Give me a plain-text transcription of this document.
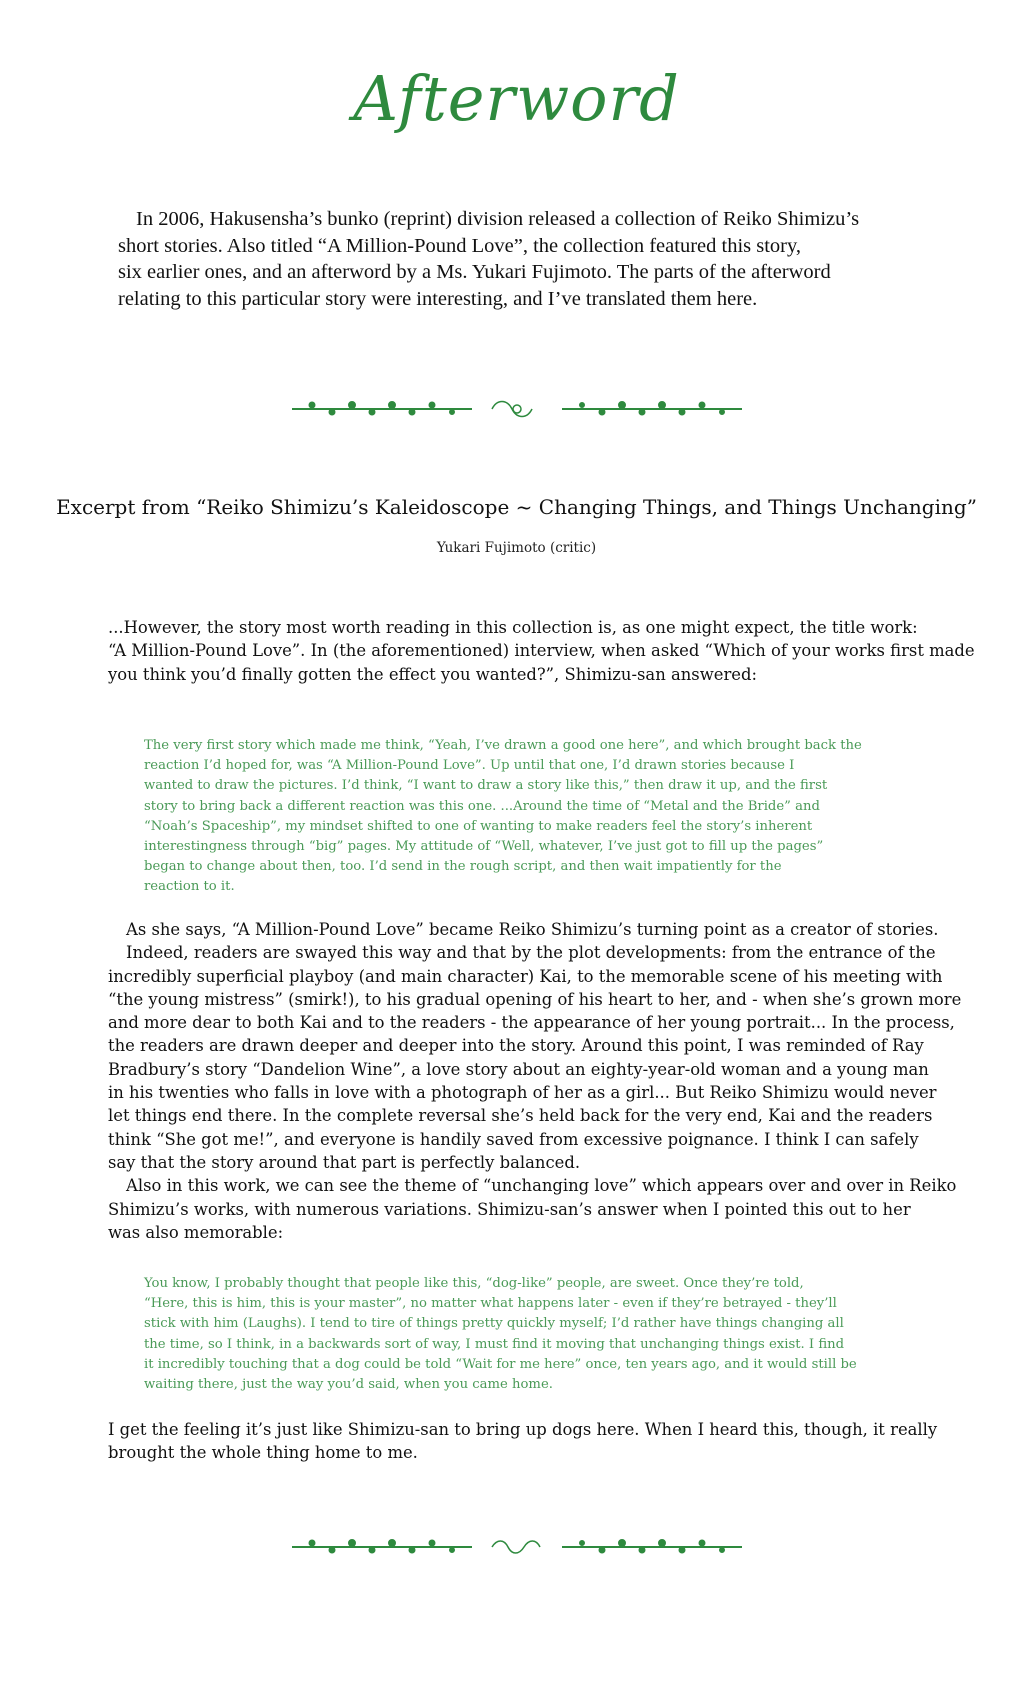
Afterword
In 2006, Hakusensha’s bunko (reprint) division released a collection of Reiko Shimizu’s
short stories. Also titled “A Million-Pound Love”, the collection featured this story,
six earlier ones, and an afterword by a Ms. Yukari Fujimoto. The parts of the afterword
relating to this particular story were interesting, and I’ve translated them here.
Excerpt from “Reiko Shimizu’s Kaleidoscope ~ Changing Things, and Things Unchanging”
Yukari Fujimoto (critic)
...However, the story most worth reading in this collection is, as one might expect, the title work:
“A Million-Pound Love”. In (the aforementioned) interview, when asked “Which of your works first made
you think you’d finally gotten the effect you wanted?”, Shimizu-san answered:
The very first story which made me think, “Yeah, I’ve drawn a good one here”, and which brought back the
reaction I’d hoped for, was “A Million-Pound Love”. Up until that one, I’d drawn stories because I
wanted to draw the pictures. I’d think, “I want to draw a story like this,” then draw it up, and the first
story to bring back a different reaction was this one. ...Around the time of “Metal and the Bride” and
“Noah’s Spaceship”, my mindset shifted to one of wanting to make readers feel the story’s inherent
interestingness through “big” pages. My attitude of “Well, whatever, I’ve just got to fill up the pages”
began to change about then, too. I’d send in the rough script, and then wait impatiently for the
reaction to it.
As she says, “A Million-Pound Love” became Reiko Shimizu’s turning point as a creator of stories.
Indeed, readers are swayed this way and that by the plot developments: from the entrance of the
incredibly superficial playboy (and main character) Kai, to the memorable scene of his meeting with
“the young mistress” (smirk!), to his gradual opening of his heart to her, and - when she’s grown more
and more dear to both Kai and to the readers - the appearance of her young portrait... In the process,
the readers are drawn deeper and deeper into the story. Around this point, I was reminded of Ray
Bradbury’s story “Dandelion Wine”, a love story about an eighty-year-old woman and a young man
in his twenties who falls in love with a photograph of her as a girl... But Reiko Shimizu would never
let things end there. In the complete reversal she’s held back for the very end, Kai and the readers
think “She got me!”, and everyone is handily saved from excessive poignance. I think I can safely
say that the story around that part is perfectly balanced.
Also in this work, we can see the theme of “unchanging love” which appears over and over in Reiko
Shimizu’s works, with numerous variations. Shimizu-san’s answer when I pointed this out to her
was also memorable:
You know, I probably thought that people like this, “dog-like” people, are sweet. Once they’re told,
“Here, this is him, this is your master”, no matter what happens later - even if they’re betrayed - they’ll
stick with him (Laughs). I tend to tire of things pretty quickly myself; I’d rather have things changing all
the time, so I think, in a backwards sort of way, I must find it moving that unchanging things exist. I find
it incredibly touching that a dog could be told “Wait for me here” once, ten years ago, and it would still be
waiting there, just the way you’d said, when you came home.
I get the feeling it’s just like Shimizu-san to bring up dogs here. When I heard this, though, it really
brought the whole thing home to me.
